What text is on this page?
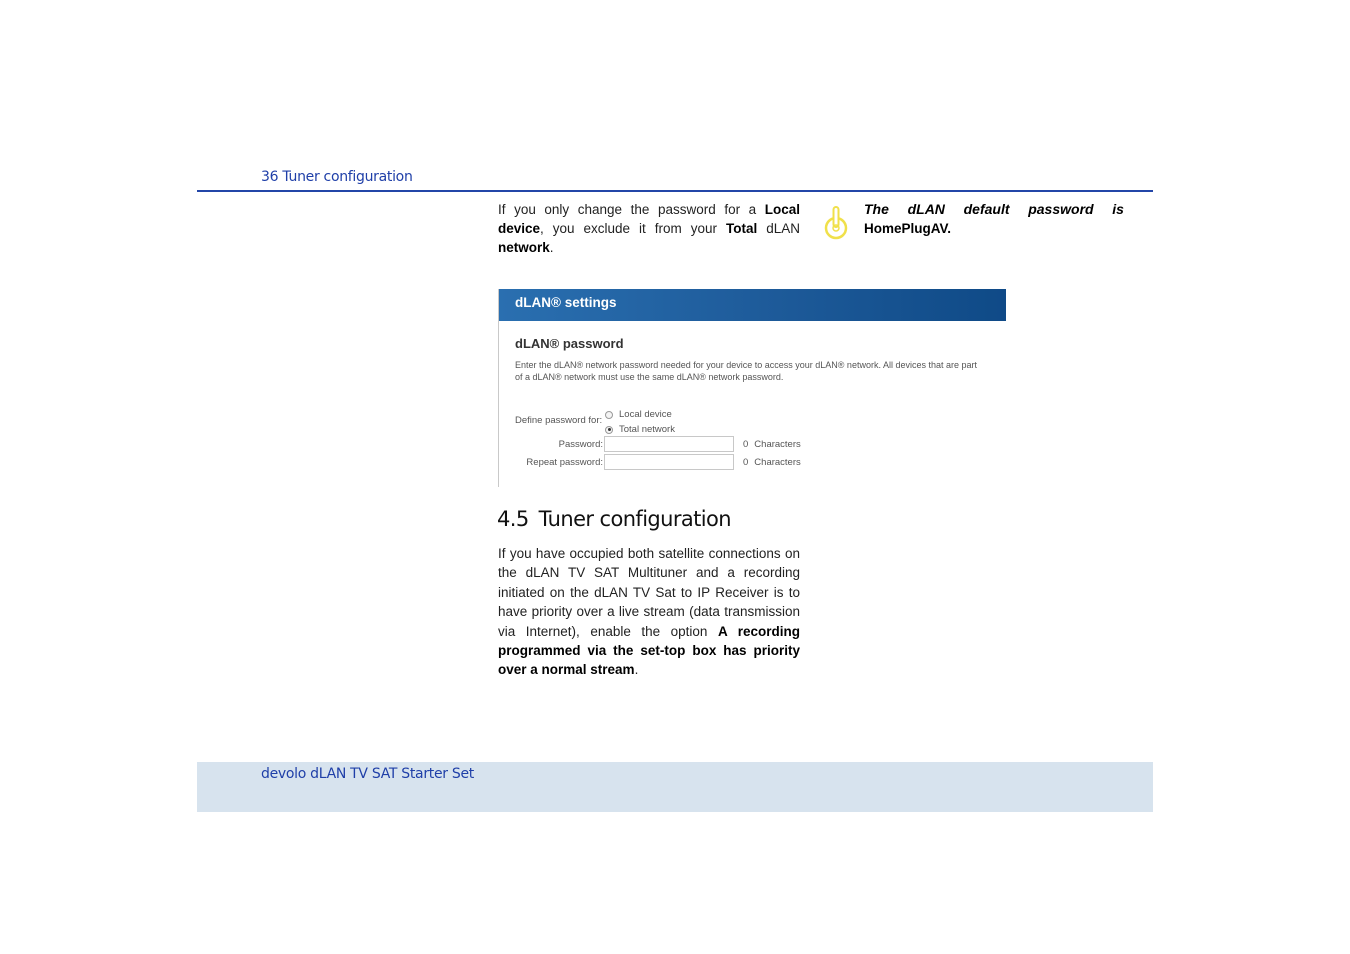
36 Tuner configuration
If you only change the password for a Local device, you exclude it from your Total dLAN network.
The dLAN default password is
HomePlugAV.
dLAN® settings
dLAN® password
Enter the dLAN® network password needed for your device to access your dLAN® network. All devices that are part of a dLAN® network must use the same dLAN® network password.
Define password for:
Local device
Total network
Password:	0 Characters
Repeat password:	0 Characters
4.5 Tuner configuration
If you have occupied both satellite connections on the dLAN TV SAT Multituner and a recording initiated on the dLAN TV Sat to IP Receiver is to have priority over a live stream (data transmission via Internet), enable the option A recording programmed via the set-top box has priority over a normal stream.
devolo dLAN TV SAT Starter Set
